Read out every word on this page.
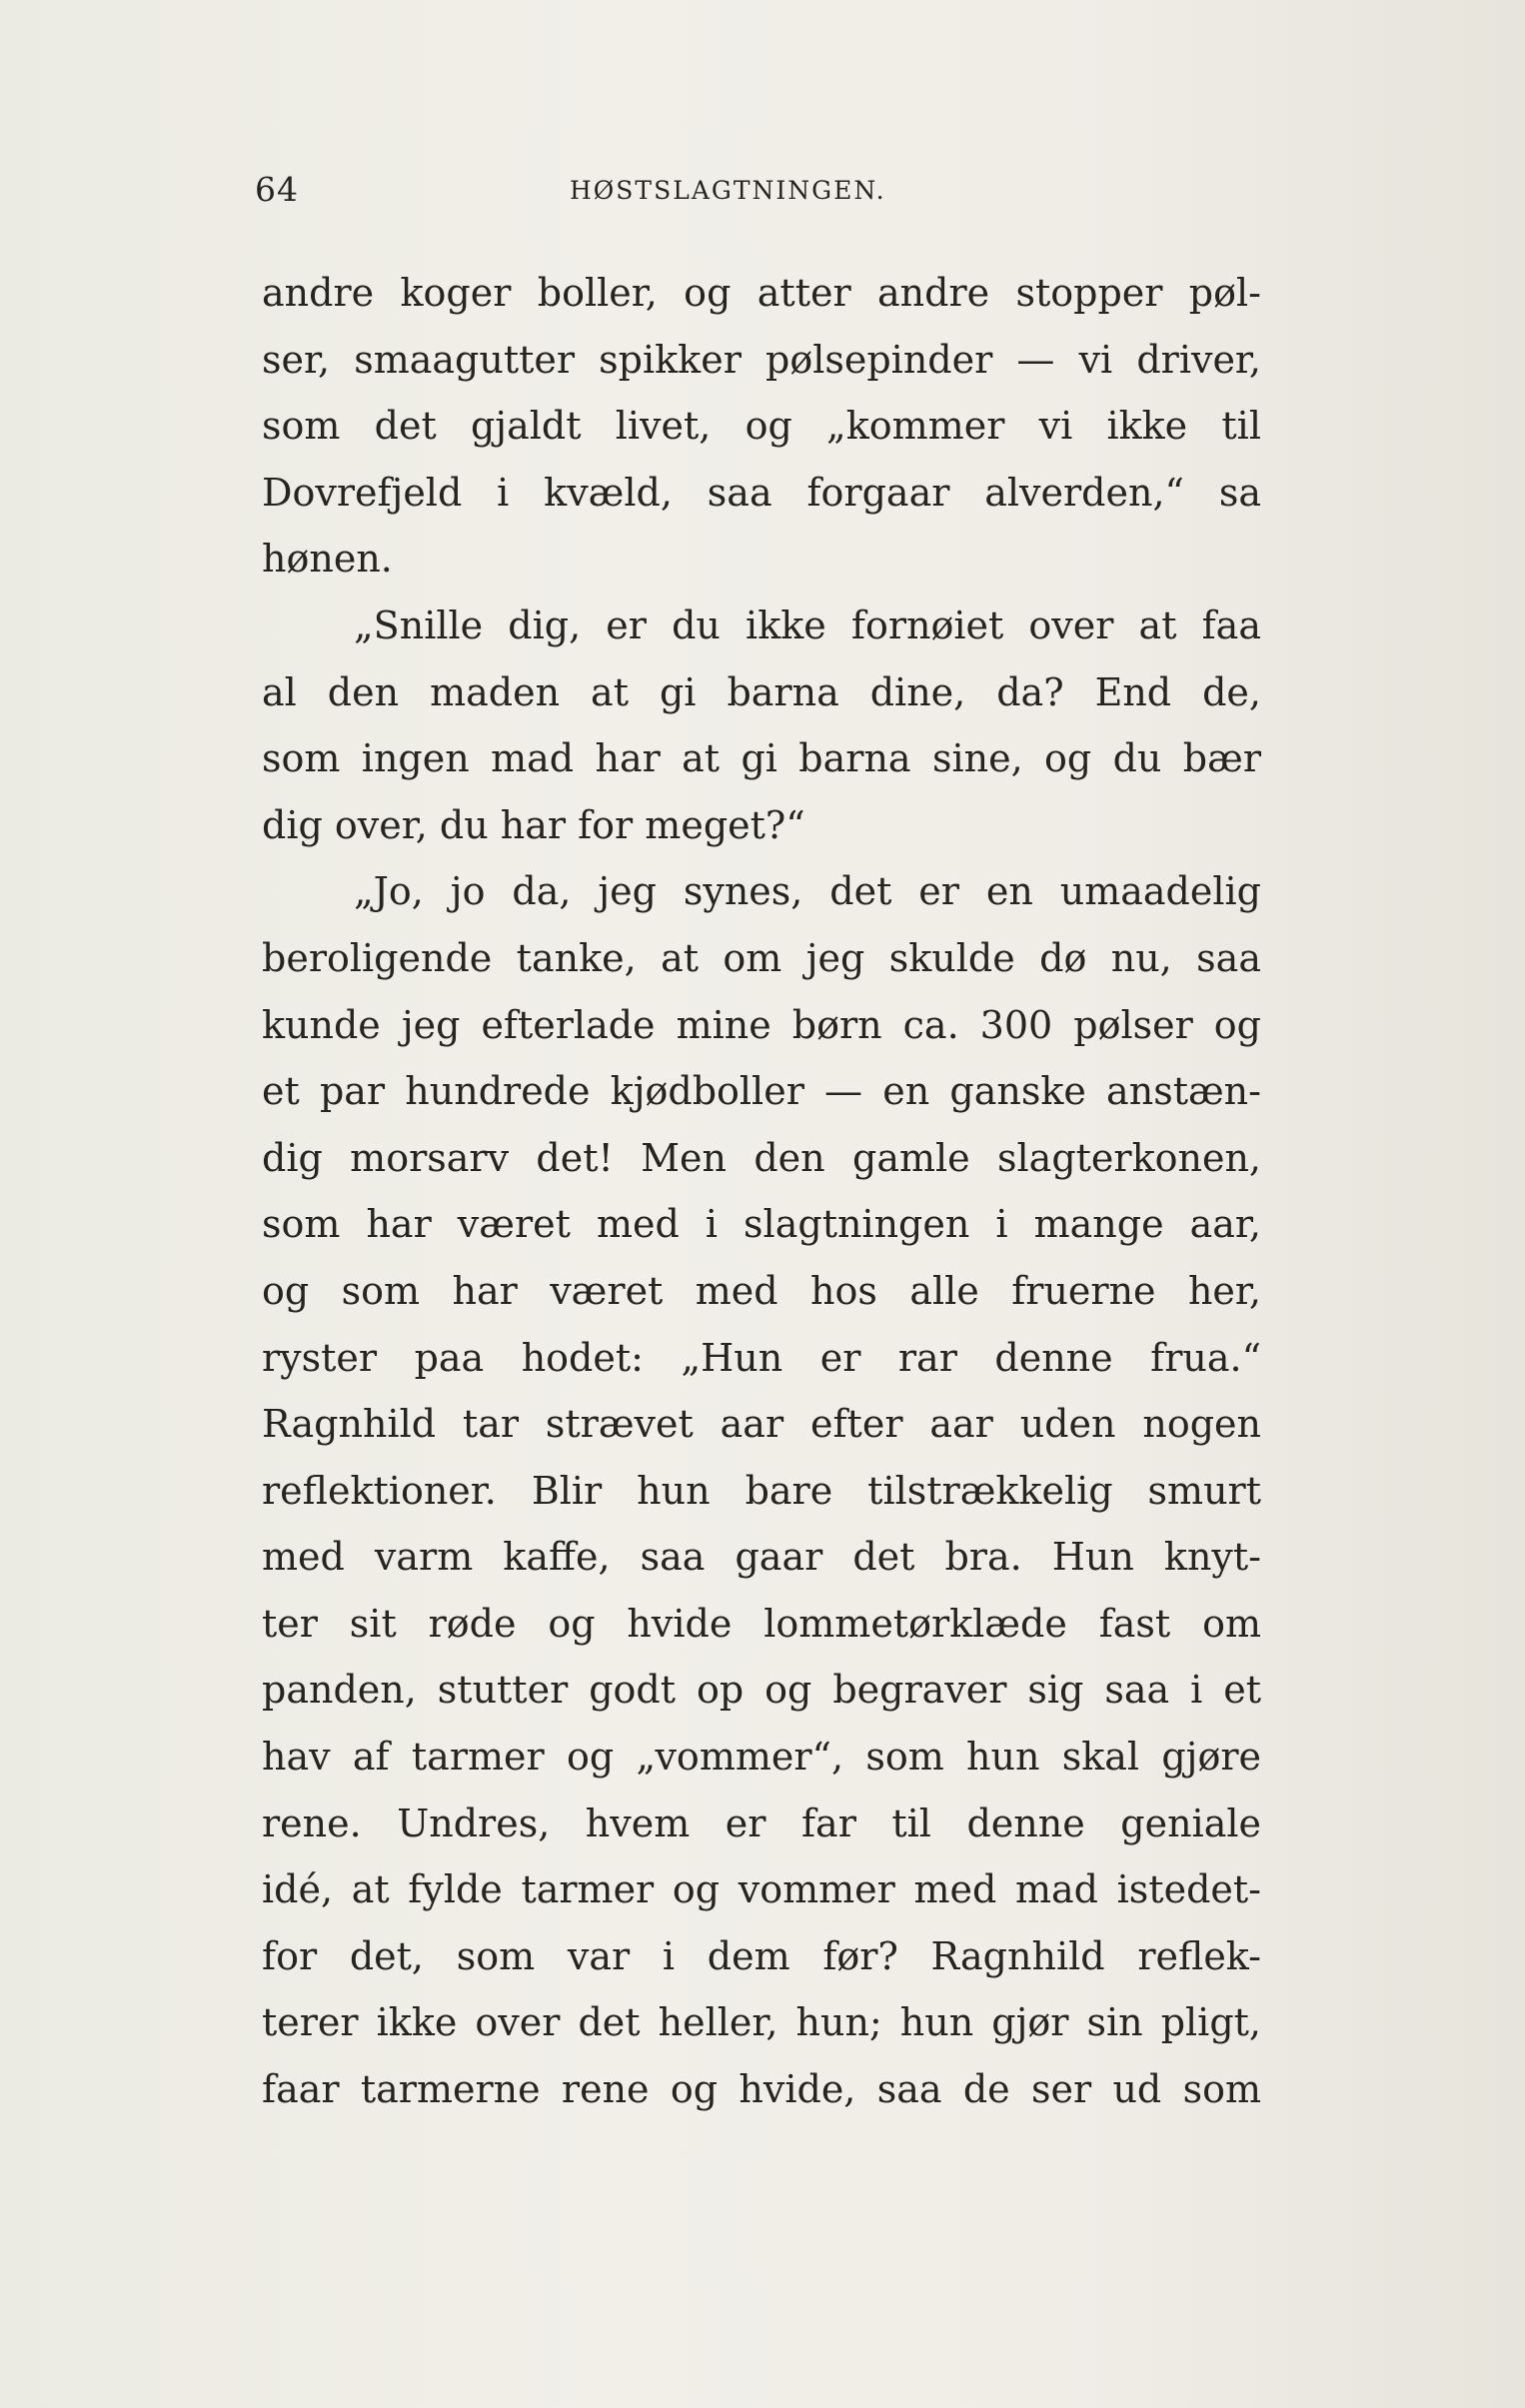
64	HØSTSLAGTNINGEN.
andre koger boller, og atter andre stopper pøl-
ser, smaagutter spikker pølsepinder — vi driver,
som det gjaldt livet, og „kommer vi ikke til
Dovrefjeld i kvæld, saa forgaar alverden,“ sa
hønen.
„Snille dig, er du ikke fornøiet over at faa
al den maden at gi barna dine, da? End de,
som ingen mad har at gi barna sine, og du bær
dig over, du har for meget?“
„Jo, jo da, jeg synes, det er en umaadelig
beroligende tanke, at om jeg skulde dø nu, saa
kunde jeg efterlade mine børn ca. 300 pølser og
et par hundrede kjødboller — en ganske anstæn-
dig morsarv det! Men den gamle slagterkonen,
som har været med i slagtningen i mange aar,
og som har været med hos alle fruerne her,
ryster paa hodet: „Hun er rar denne frua.“
Ragnhild tar strævet aar efter aar uden nogen
reflektioner. Blir hun bare tilstrækkelig smurt
med varm kaffe, saa gaar det bra. Hun knyt-
ter sit røde og hvide lommetørklæde fast om
panden, stutter godt op og begraver sig saa i et
hav af tarmer og „vommer“, som hun skal gjøre
rene. Undres, hvem er far til denne geniale
idé, at fylde tarmer og vommer med mad istedet-
for det, som var i dem før? Ragnhild reflek-
terer ikke over det heller, hun; hun gjør sin pligt,
faar tarmerne rene og hvide, saa de ser ud som
